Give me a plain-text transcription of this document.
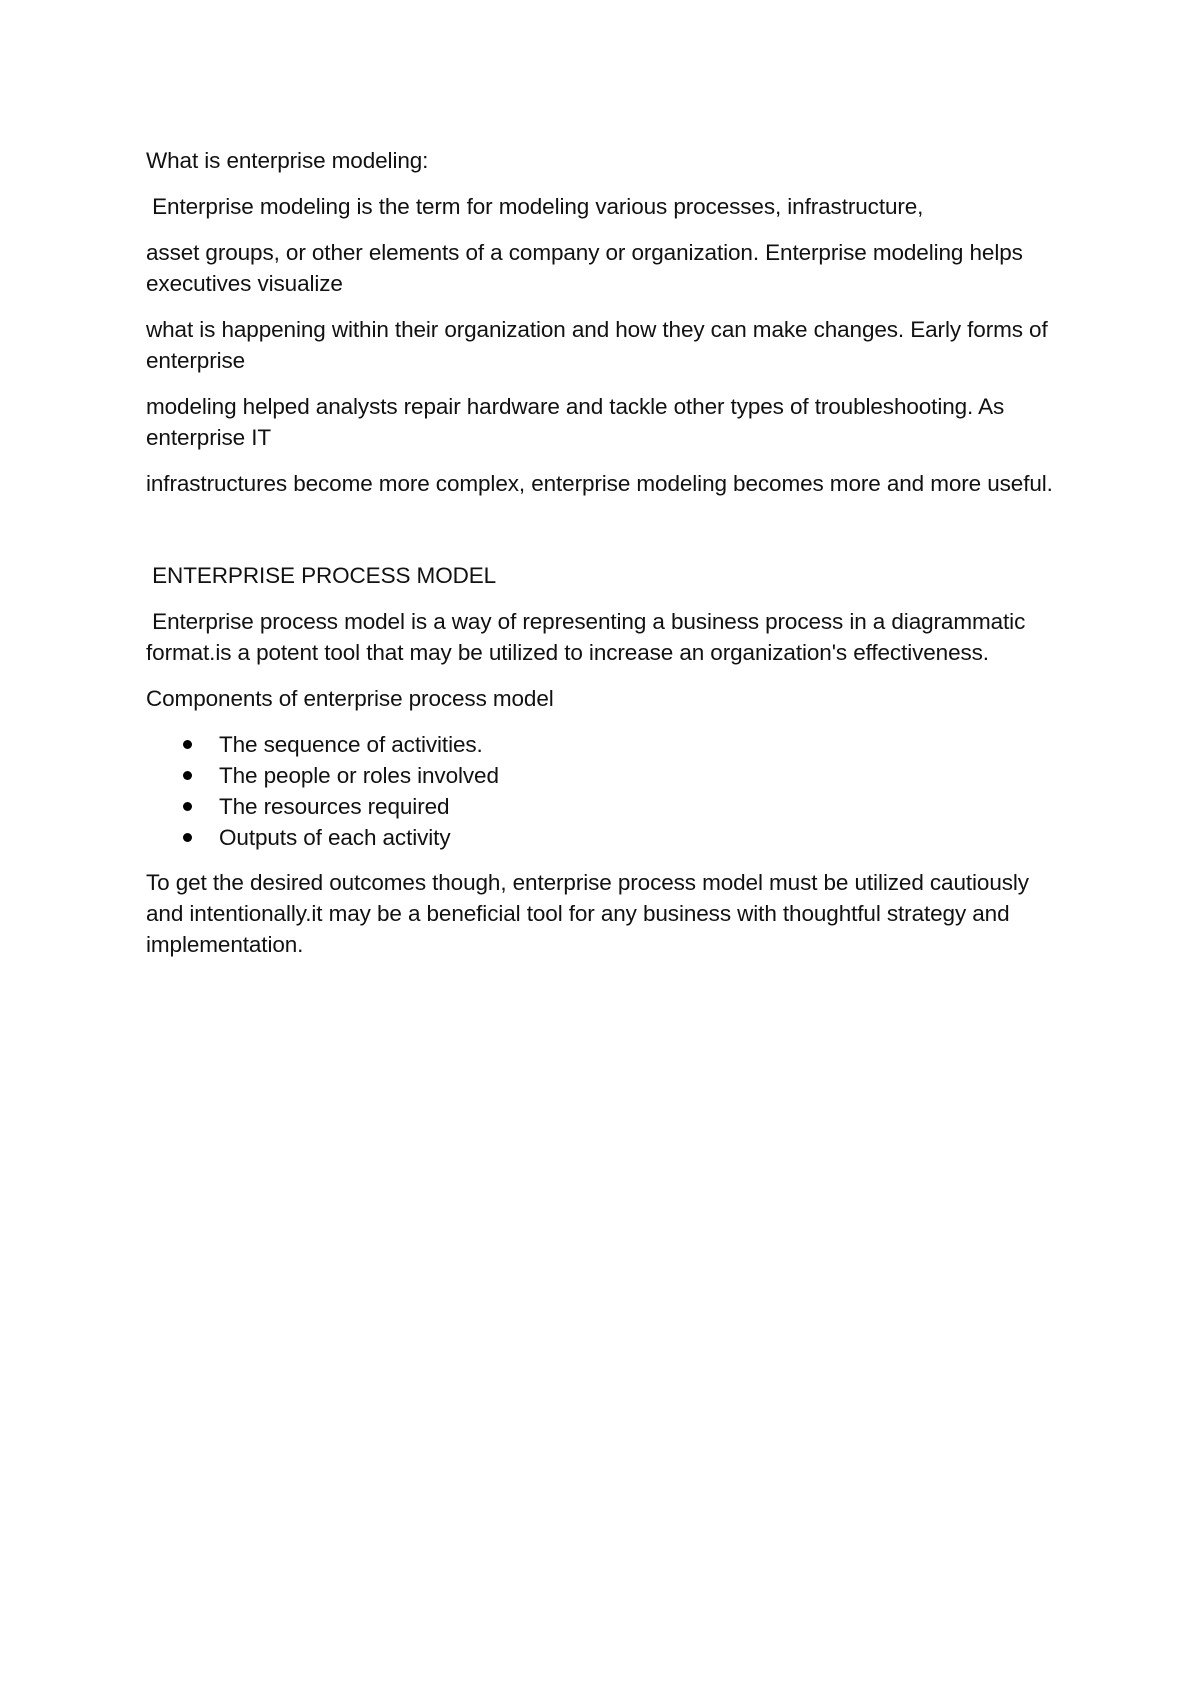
What is enterprise modeling:

Enterprise modeling is the term for modeling various processes, infrastructure,

asset groups, or other elements of a company or organization. Enterprise modeling helps executives visualize

what is happening within their organization and how they can make changes. Early forms of enterprise

modeling helped analysts repair hardware and tackle other types of troubleshooting. As enterprise IT

infrastructures become more complex, enterprise modeling becomes more and more useful.

ENTERPRISE PROCESS MODEL

Enterprise process model is a way of representing a business process in a diagrammatic format.is a potent tool that may be utilized to increase an organization's effectiveness.

Components of enterprise process model

The sequence of activities.
The people or roles involved
The resources required
Outputs of each activity

To get the desired outcomes though, enterprise process model must be utilized cautiously and intentionally.it may be a beneficial tool for any business with thoughtful strategy and implementation.
